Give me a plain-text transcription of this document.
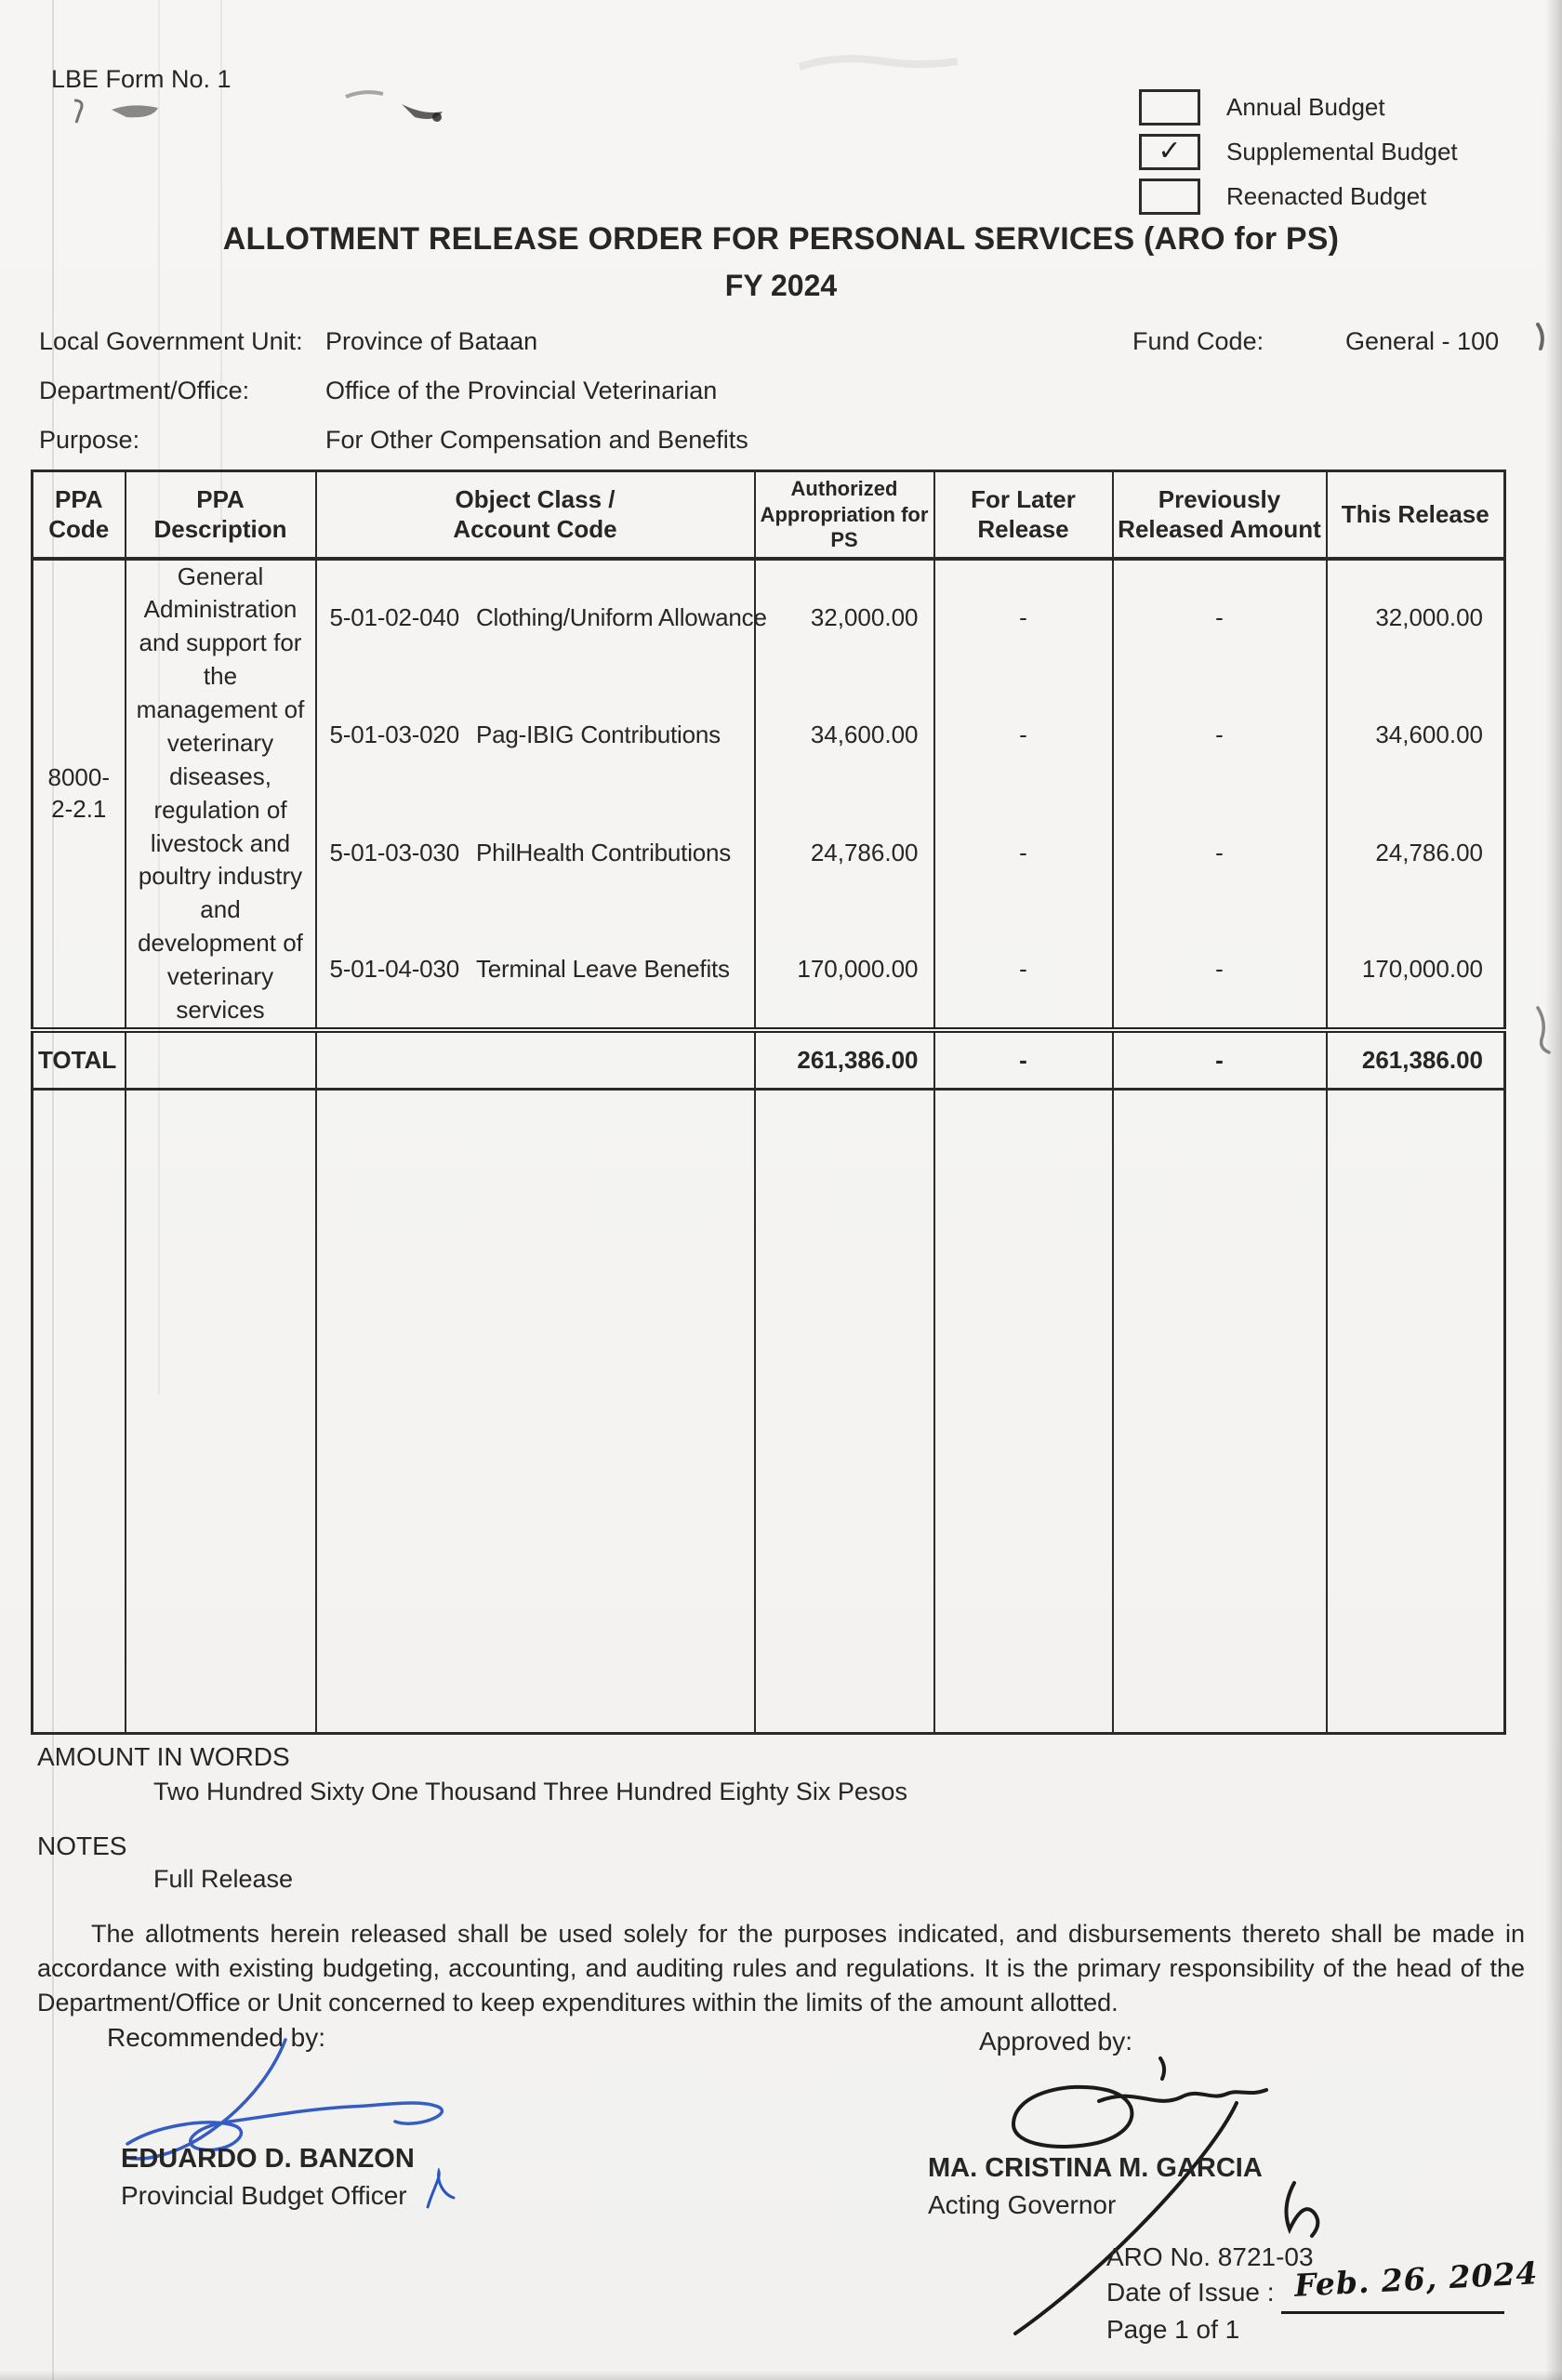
LBE Form No. 1
Annual Budget
✓ Supplemental Budget
Reenacted Budget
ALLOTMENT RELEASE ORDER FOR PERSONAL SERVICES (ARO for PS)
FY 2024
Local Government Unit: Province of Bataan	Fund Code:	General - 100
Department/Office:	Office of the Provincial Veterinarian
Purpose:	For Other Compensation and Benefits
PPA Code	PPA Description	Object Class / Account Code	Authorized Appropriation for PS	For Later Release	Previously Released Amount	This Release
8000-2-2.1	General Administration and support for the management of veterinary diseases, regulation of livestock and poultry industry and development of veterinary services	5-01-02-040 Clothing/Uniform Allowance	32,000.00	-	-	32,000.00
		5-01-03-020 Pag-IBIG Contributions	34,600.00	-	-	34,600.00
		5-01-03-030 PhilHealth Contributions	24,786.00	-	-	24,786.00
		5-01-04-030 Terminal Leave Benefits	170,000.00	-	-	170,000.00
TOTAL			261,386.00	-	-	261,386.00

AMOUNT IN WORDS
Two Hundred Sixty One Thousand Three Hundred Eighty Six Pesos
NOTES
Full Release
The allotments herein released shall be used solely for the purposes indicated, and disbursements thereto shall be made in accordance with existing budgeting, accounting, and auditing rules and regulations. It is the primary responsibility of the head of the Department/Office or Unit concerned to keep expenditures within the limits of the amount allotted.
Recommended by:	Approved by:
EDUARDO D. BANZON
Provincial Budget Officer
MA. CRISTINA M. GARCIA
Acting Governor
ARO No. 8721-03
Date of Issue : Feb. 26, 2024
Page 1 of 1
